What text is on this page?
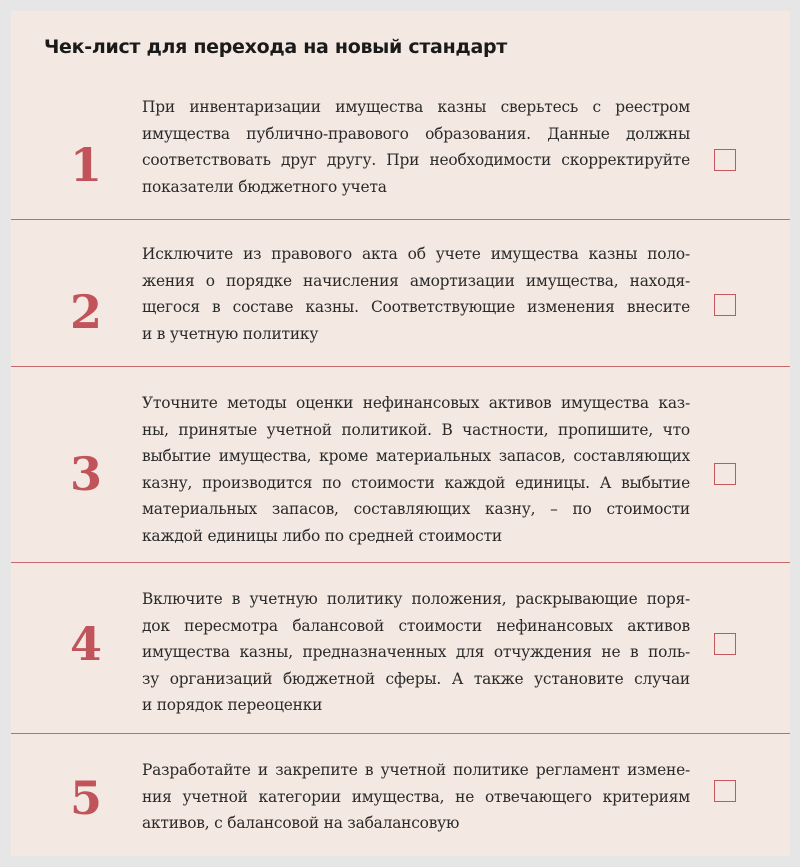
Чек-лист для перехода на новый стандарт
1
При инвентаризации имущества казны сверьтесь с реестром
имущества публично-правового образования. Данные должны
соответствовать друг другу. При необходимости скорректируйте
показатели бюджетного учета
2
Исключите из правового акта об учете имущества казны поло-
жения о порядке начисления амортизации имущества, находя-
щегося в составе казны. Соответствующие изменения внесите
и в учетную политику
3
Уточните методы оценки нефинансовых активов имущества каз-
ны, принятые учетной политикой. В частности, пропишите, что
выбытие имущества, кроме материальных запасов, составляющих
казну, производится по стоимости каждой единицы. А выбытие
материальных запасов, составляющих казну, – по стоимости
каждой единицы либо по средней стоимости
4
Включите в учетную политику положения, раскрывающие поря-
док пересмотра балансовой стоимости нефинансовых активов
имущества казны, предназначенных для отчуждения не в поль-
зу организаций бюджетной сферы. А также установите случаи
и порядок переоценки
5
Разработайте и закрепите в учетной политике регламент измене-
ния учетной категории имущества, не отвечающего критериям
активов, с балансовой на забалансовую
